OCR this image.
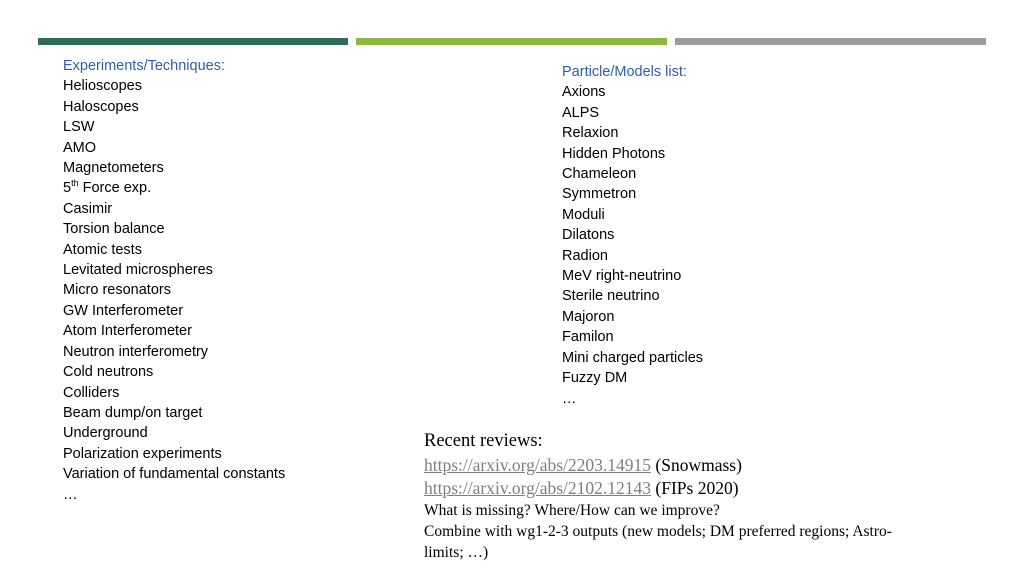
Experiments/Techniques:
Helioscopes
Haloscopes
LSW
AMO
Magnetometers
5th Force exp.
Casimir
Torsion balance
Atomic tests
Levitated microspheres
Micro resonators
GW Interferometer
Atom Interferometer
Neutron interferometry
Cold neutrons
Colliders
Beam dump/on target
Underground
Polarization experiments
Variation of fundamental constants
…
Particle/Models list:
Axions
ALPS
Relaxion
Hidden Photons
Chameleon
Symmetron
Moduli
Dilatons
Radion
MeV right-neutrino
Sterile neutrino
Majoron
Familon
Mini charged particles
Fuzzy DM
…
Recent reviews:
https://arxiv.org/abs/2203.14915 (Snowmass)
https://arxiv.org/abs/2102.12143 (FIPs 2020)
What is missing? Where/How can we improve?
Combine with wg1-2-3 outputs (new models; DM preferred regions; Astro-limits; …)
